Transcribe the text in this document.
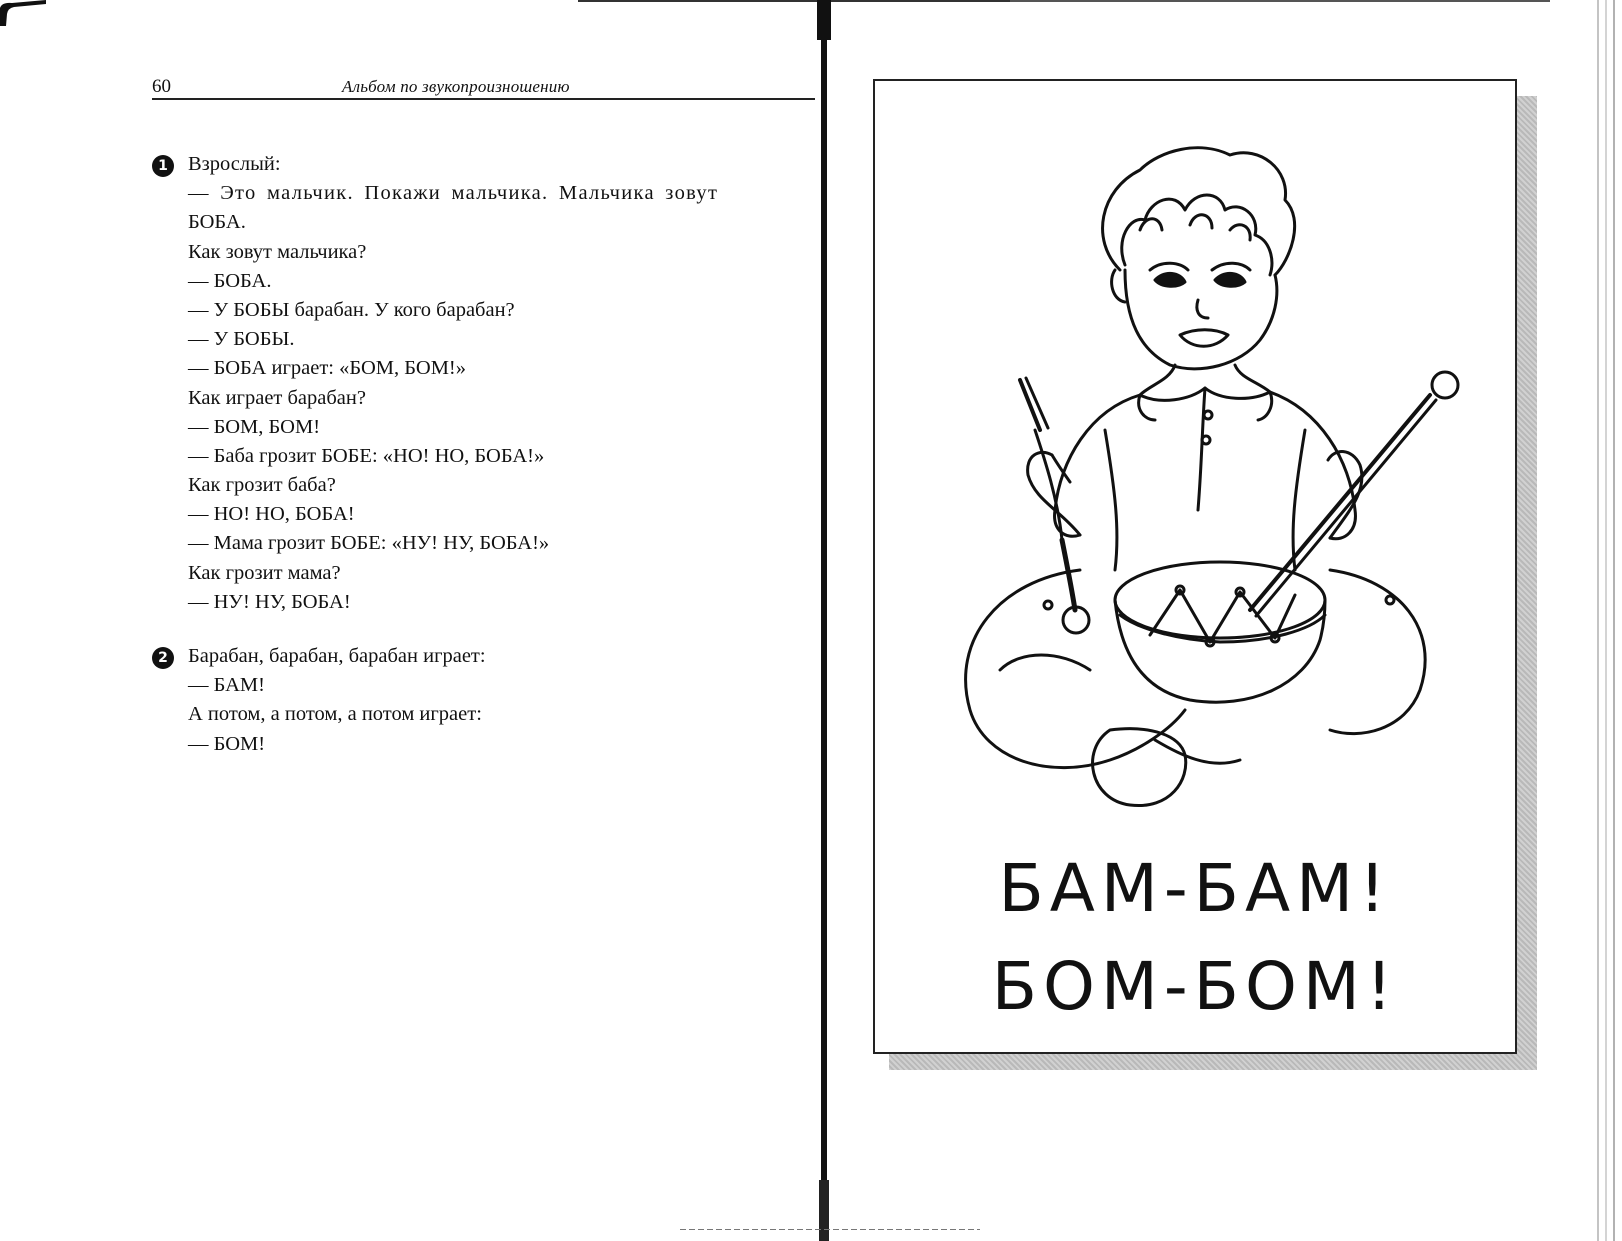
60	Альбом по звукопроизношению
1 Взрослый:
— Это мальчик. Покажи мальчика. Мальчика зовут
БОБА.
Как зовут мальчика?
— БОБА.
— У БОБЫ барабан. У кого барабан?
— У БОБЫ.
— БОБА играет: «БОМ, БОМ!»
Как играет барабан?
— БОМ, БОМ!
— Баба грозит БОБЕ: «НО! НО, БОБА!»
Как грозит баба?
— НО! НО, БОБА!
— Мама грозит БОБЕ: «НУ! НУ, БОБА!»
Как грозит мама?
— НУ! НУ, БОБА!
2 Барабан, барабан, барабан играет:
— БАМ!
А потом, а потом, а потом играет:
— БОМ!
БАМ-БАМ!
БОМ-БОМ!
